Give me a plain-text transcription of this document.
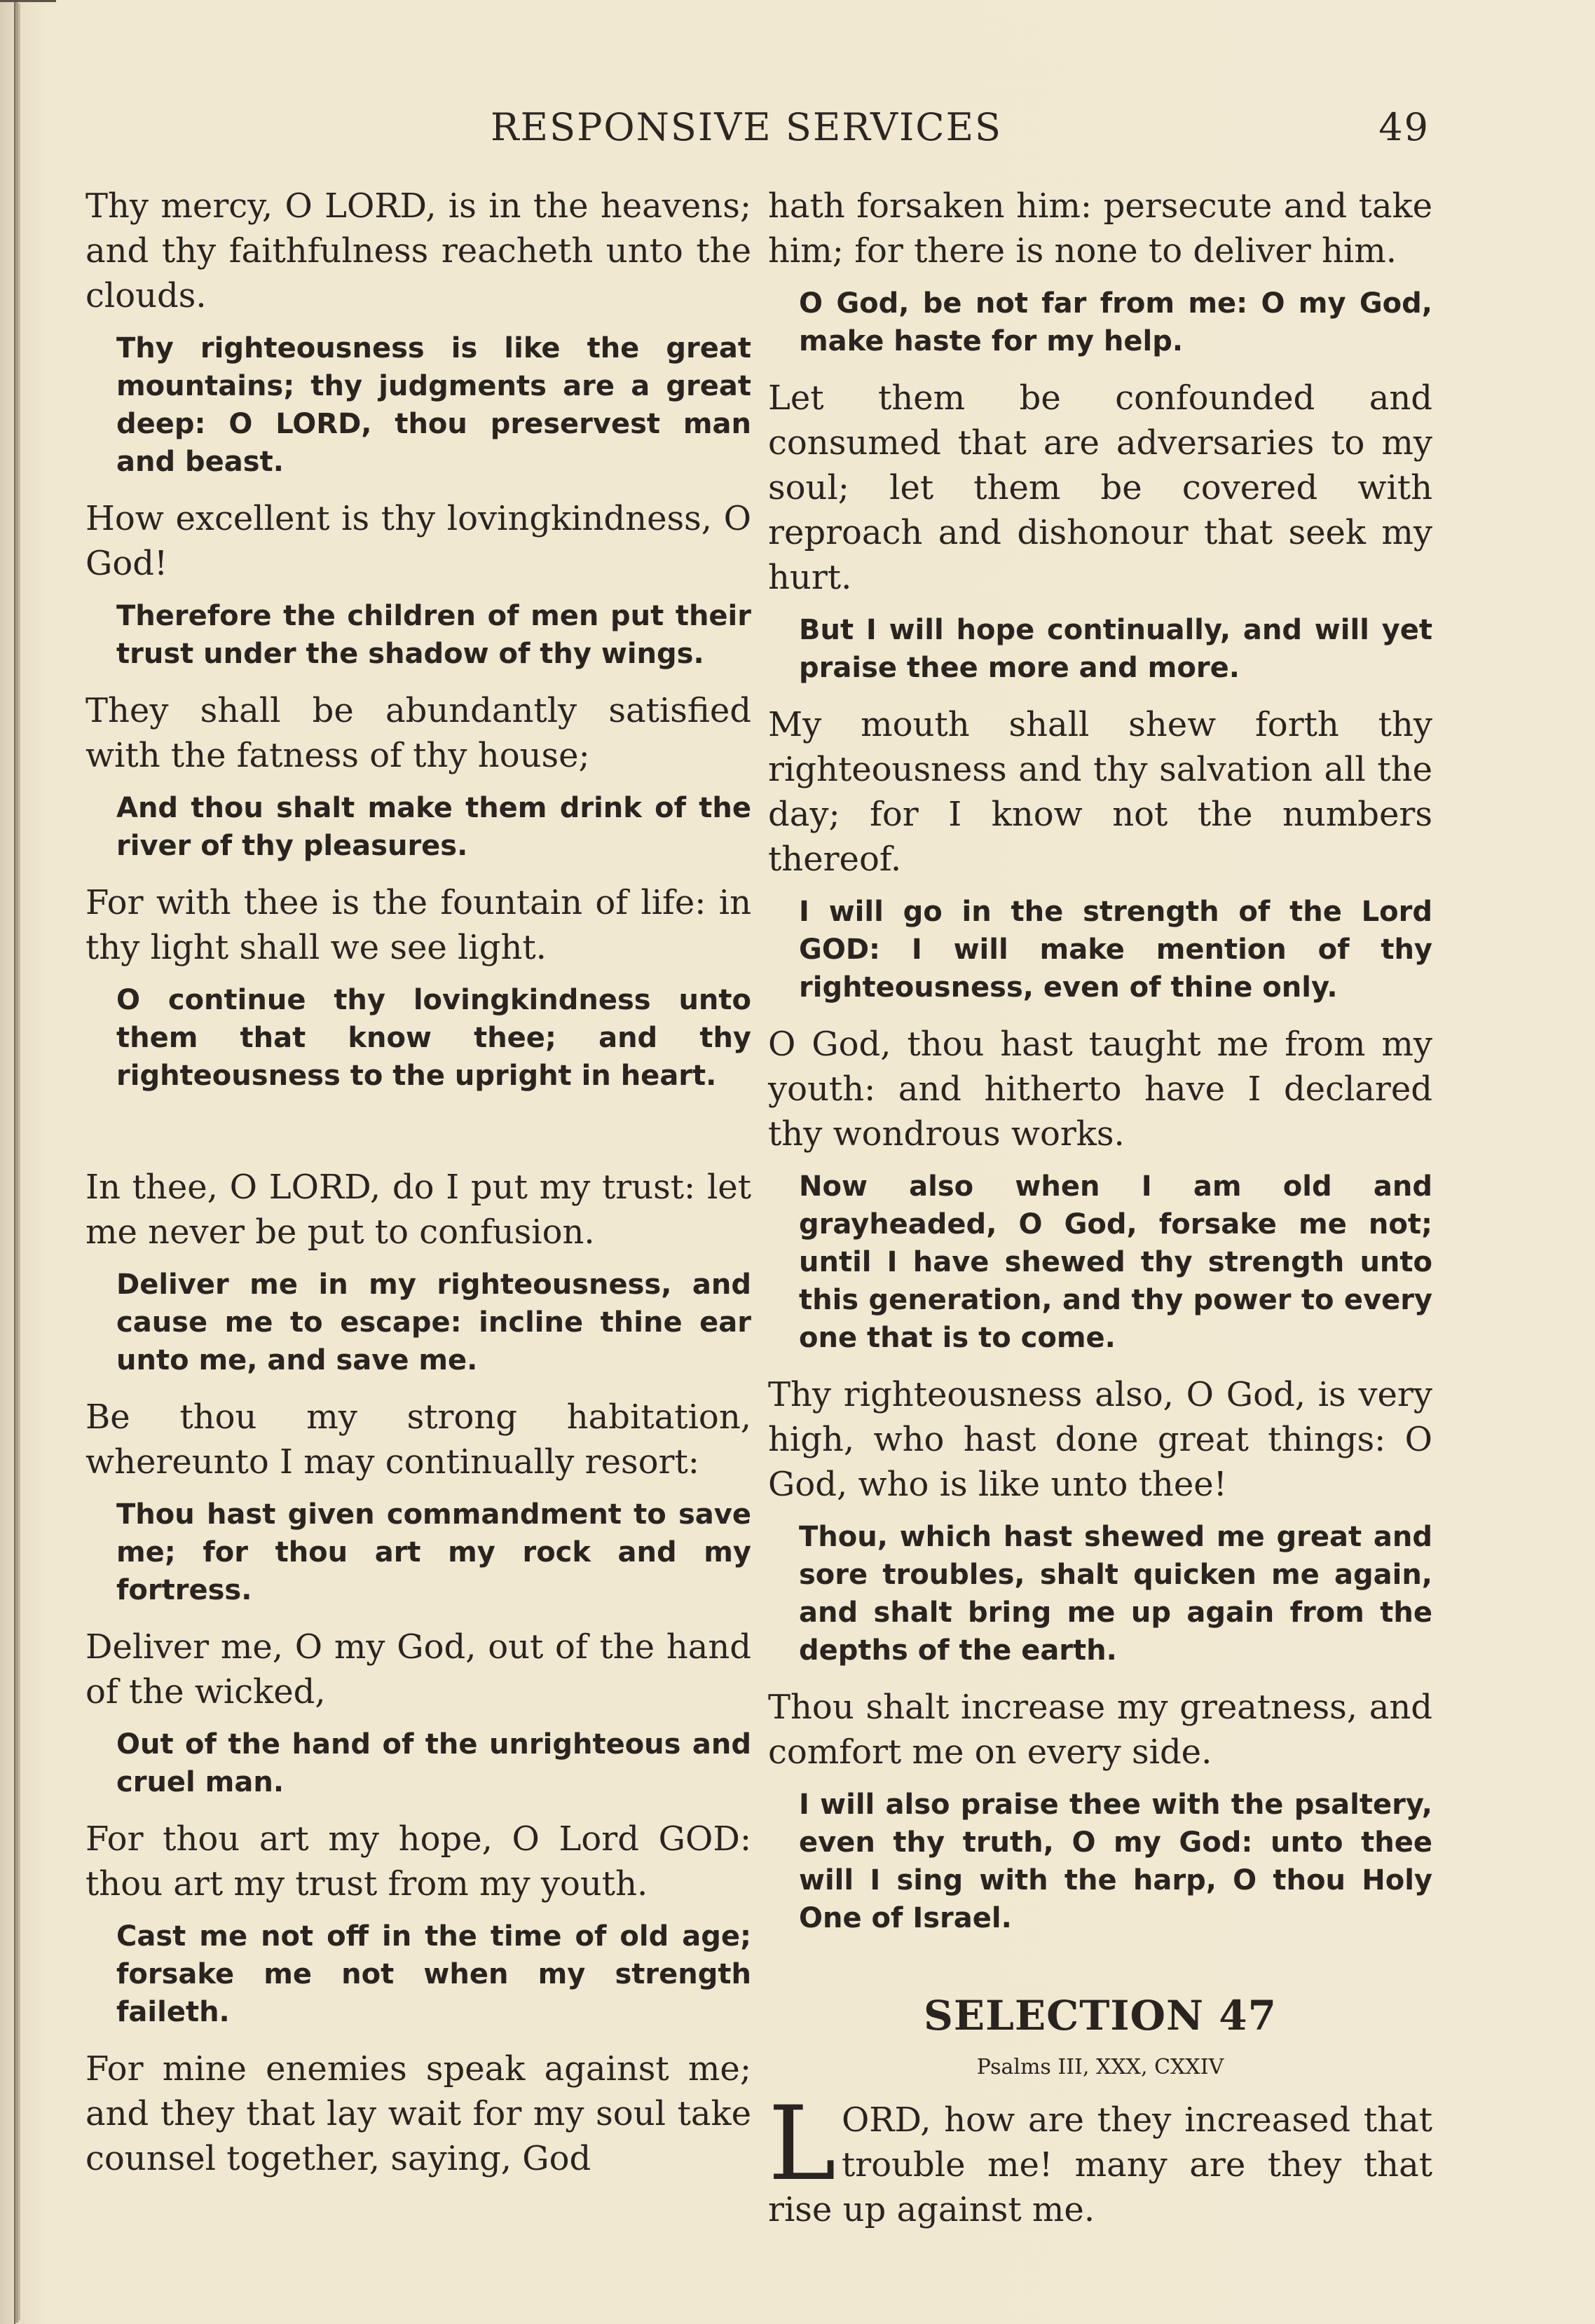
RESPONSIVE SERVICES	49

Thy mercy, O LORD, is in the heavens; and thy faithfulness reacheth unto the clouds.

Thy righteousness is like the great mountains; thy judgments are a great deep: O LORD, thou preservest man and beast.

How excellent is thy lovingkindness, O God!

Therefore the children of men put their trust under the shadow of thy wings.

They shall be abundantly satisfied with the fatness of thy house;

And thou shalt make them drink of the river of thy pleasures.

For with thee is the fountain of life: in thy light shall we see light.

O continue thy lovingkindness unto them that know thee; and thy righteousness to the upright in heart.

In thee, O LORD, do I put my trust: let me never be put to confusion.

Deliver me in my righteousness, and cause me to escape: incline thine ear unto me, and save me.

Be thou my strong habitation, whereunto I may continually resort:

Thou hast given commandment to save me; for thou art my rock and my fortress.

Deliver me, O my God, out of the hand of the wicked,

Out of the hand of the unrighteous and cruel man.

For thou art my hope, O Lord GOD: thou art my trust from my youth.

Cast me not off in the time of old age; forsake me not when my strength faileth.

For mine enemies speak against me; and they that lay wait for my soul take counsel together, saying, God

hath forsaken him: persecute and take him; for there is none to deliver him.

O God, be not far from me: O my God, make haste for my help.

Let them be confounded and consumed that are adversaries to my soul; let them be covered with reproach and dishonour that seek my hurt.

But I will hope continually, and will yet praise thee more and more.

My mouth shall shew forth thy righteousness and thy salvation all the day; for I know not the numbers thereof.

I will go in the strength of the Lord GOD: I will make mention of thy righteousness, even of thine only.

O God, thou hast taught me from my youth: and hitherto have I declared thy wondrous works.

Now also when I am old and grayheaded, O God, forsake me not; until I have shewed thy strength unto this generation, and thy power to every one that is to come.

Thy righteousness also, O God, is very high, who hast done great things: O God, who is like unto thee!

Thou, which hast shewed me great and sore troubles, shalt quicken me again, and shalt bring me up again from the depths of the earth.

Thou shalt increase my greatness, and comfort me on every side.

I will also praise thee with the psaltery, even thy truth, O my God: unto thee will I sing with the harp, O thou Holy One of Israel.

SELECTION 47
Psalms III, XXX, CXXIV

LORD, how are they increased that trouble me! many are they that rise up against me.
